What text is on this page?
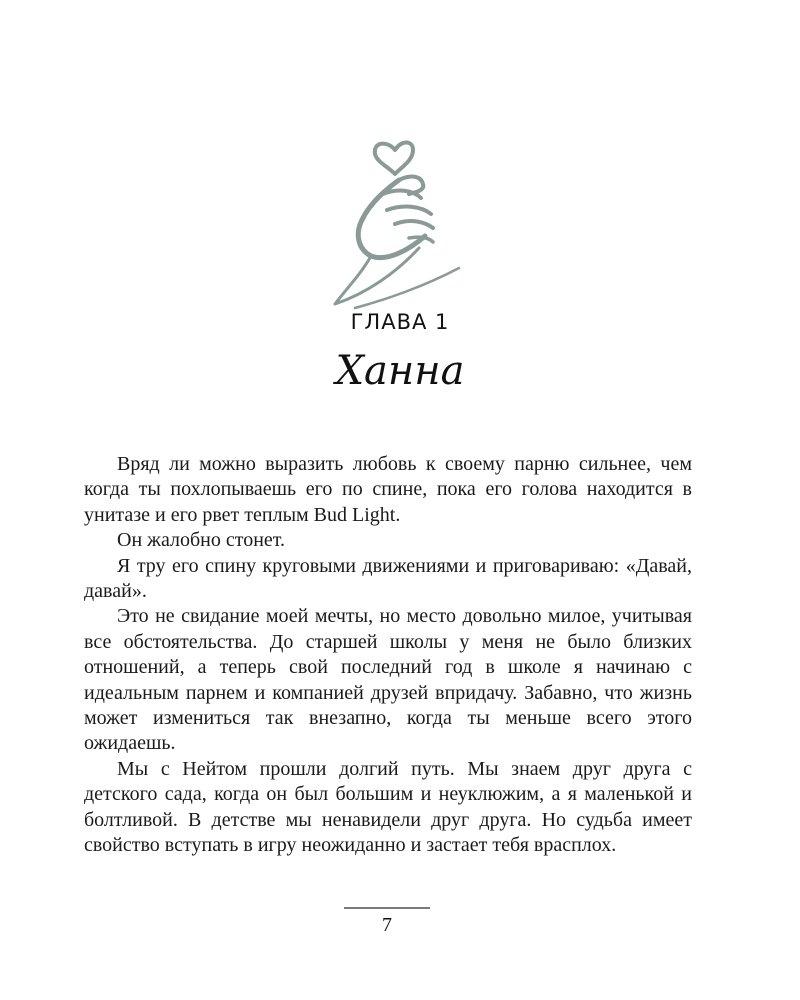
ГЛАВА 1
Ханна

Вряд ли можно выразить любовь к своему парню сильнее, чем когда ты похлопываешь его по спине, пока его голова находится в унитазе и его рвет теплым Bud Light.

Он жалобно стонет.

Я тру его спину круговыми движениями и приговариваю: «Давай, давай».

Это не свидание моей мечты, но место довольно милое, учитывая все обстоятельства. До старшей школы у меня не было близких отношений, а теперь свой последний год в школе я начинаю с идеальным парнем и компанией друзей впридачу. Забавно, что жизнь может измениться так внезапно, когда ты меньше всего этого ожидаешь.

Мы с Нейтом прошли долгий путь. Мы знаем друг друга с детского сада, когда он был большим и неуклюжим, а я маленькой и болтливой. В детстве мы ненавидели друг друга. Но судьба имеет свойство вступать в игру неожиданно и застает тебя врасплох.

7
